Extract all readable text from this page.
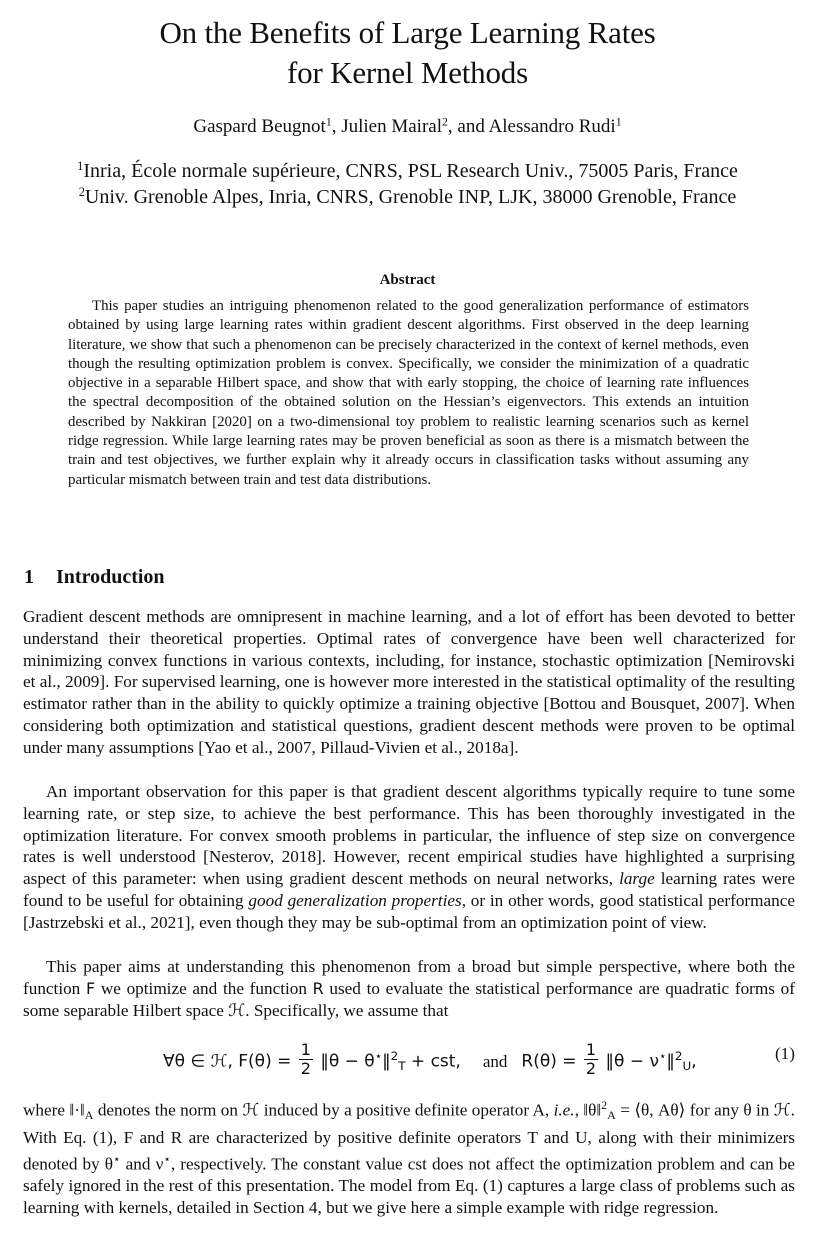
On the Benefits of Large Learning Rates
for Kernel Methods
Gaspard Beugnot$^1$, Julien Mairal$^2$, and Alessandro Rudi$^1$
$^1$Inria, École normale supérieure, CNRS, PSL Research Univ., 75005 Paris, France
$^2$Univ. Grenoble Alpes, Inria, CNRS, Grenoble INP, LJK, 38000 Grenoble, France
Abstract
This paper studies an intriguing phenomenon related to the good generalization performance of estimators obtained by using large learning rates within gradient descent algorithms. First observed in the deep learning literature, we show that such a phenomenon can be precisely characterized in the context of kernel methods, even though the resulting optimization problem is convex. Specifically, we consider the minimization of a quadratic objective in a separable Hilbert space, and show that with early stopping, the choice of learning rate influences the spectral decomposition of the obtained solution on the Hessian’s eigenvectors. This extends an intuition described by Nakkiran [2020] on a two-dimensional toy problem to realistic learning scenarios such as kernel ridge regression. While large learning rates may be proven beneficial as soon as there is a mismatch between the train and test objectives, we further explain why it already occurs in classification tasks without assuming any particular mismatch between train and test data distributions.
1 Introduction

Gradient descent methods are omnipresent in machine learning, and a lot of effort has been devoted to better understand their theoretical properties. Optimal rates of convergence have been well characterized for minimizing convex functions in various contexts, including, for instance, stochastic optimization [Nemirovski et al., 2009]. For supervised learning, one is however more interested in the statistical optimality of the resulting estimator rather than in the ability to quickly optimize a training objective [Bottou and Bousquet, 2007]. When considering both optimization and statistical questions, gradient descent methods were proven to be optimal under many assumptions [Yao et al., 2007, Pillaud-Vivien et al., 2018a].

An important observation for this paper is that gradient descent algorithms typically require to tune some learning rate, or step size, to achieve the best performance. This has been thoroughly investigated in the optimization literature. For convex smooth problems in particular, the influence of step size on convergence rates is well understood [Nesterov, 2018]. However, recent empirical studies have highlighted a surprising aspect of this parameter: when using gradient descent methods on neural networks, large learning rates were found to be useful for obtaining good generalization properties, or in other words, good statistical performance [Jastrzebski et al., 2021], even though they may be sub-optimal from an optimization point of view.

This paper aims at understanding this phenomenon from a broad but simple perspective, where both the function F we optimize and the function R used to evaluate the statistical performance are quadratic forms of some separable Hilbert space ℋ. Specifically, we assume that

∀θ ∈ ℋ, $F(\theta) = \frac{1}{2}$ ‖θ − θ⋆‖$^2_T$ + cst, and $R(\theta) = \frac{1}{2}$ ‖θ − ν⋆‖$^2_U$,	(1)

where $‖\cdot‖_A$ denotes the norm on ℋ induced by a positive definite operator A, i.e., ‖θ‖$^2_A$ = ⟨θ, Aθ⟩ for any θ in ℋ. With Eq. (1), F and R are characterized by positive definite operators T and U, along with their minimizers denoted by θ⋆ and ν⋆, respectively. The constant value cst does not affect the optimization problem and can be safely ignored in the rest of this presentation. The model from Eq. (1) captures a large class of problems such as learning with kernels, detailed in Section 4, but we give here a simple example with ridge regression.
